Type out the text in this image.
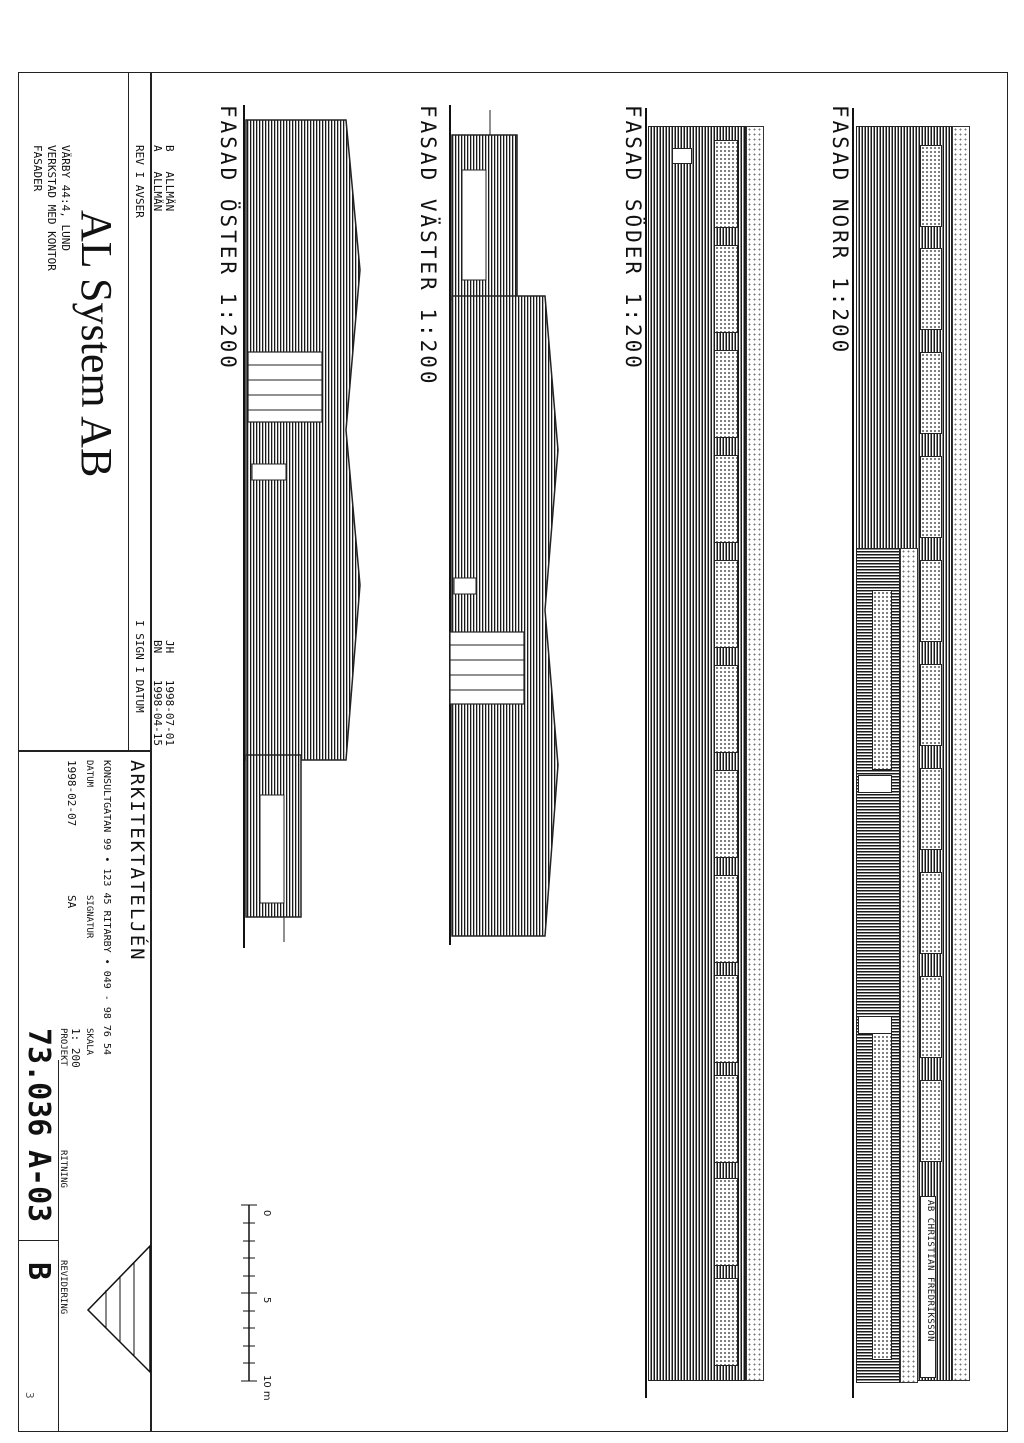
FASAD NORR 1:200
AB CHRISTIAN FREDRIKSSON
FASAD SÖDER 1:200
FASAD VÄSTER 1:200
FASAD ÖSTER 1:200
0
5
10 m
B   ALLMÄN
A   ALLMÄN
JH    1998-07-01
BN    1998-04-15
REV I AVSER
I SIGN I DATUM
AL System AB
VÄRBY 44:4, LUND
VERKSTAD MED KONTOR
FASADER
ARKITEKTATELJÉN
KONSULTGATAN 99 • 123 45 RITARBY • 049 - 98 76 54
DATUM
1998-02-07
SIGNATUR
SA
SKALA
1: 200
PROJEKT
73.036
RITNING
A-03
REVIDERING
B
3
